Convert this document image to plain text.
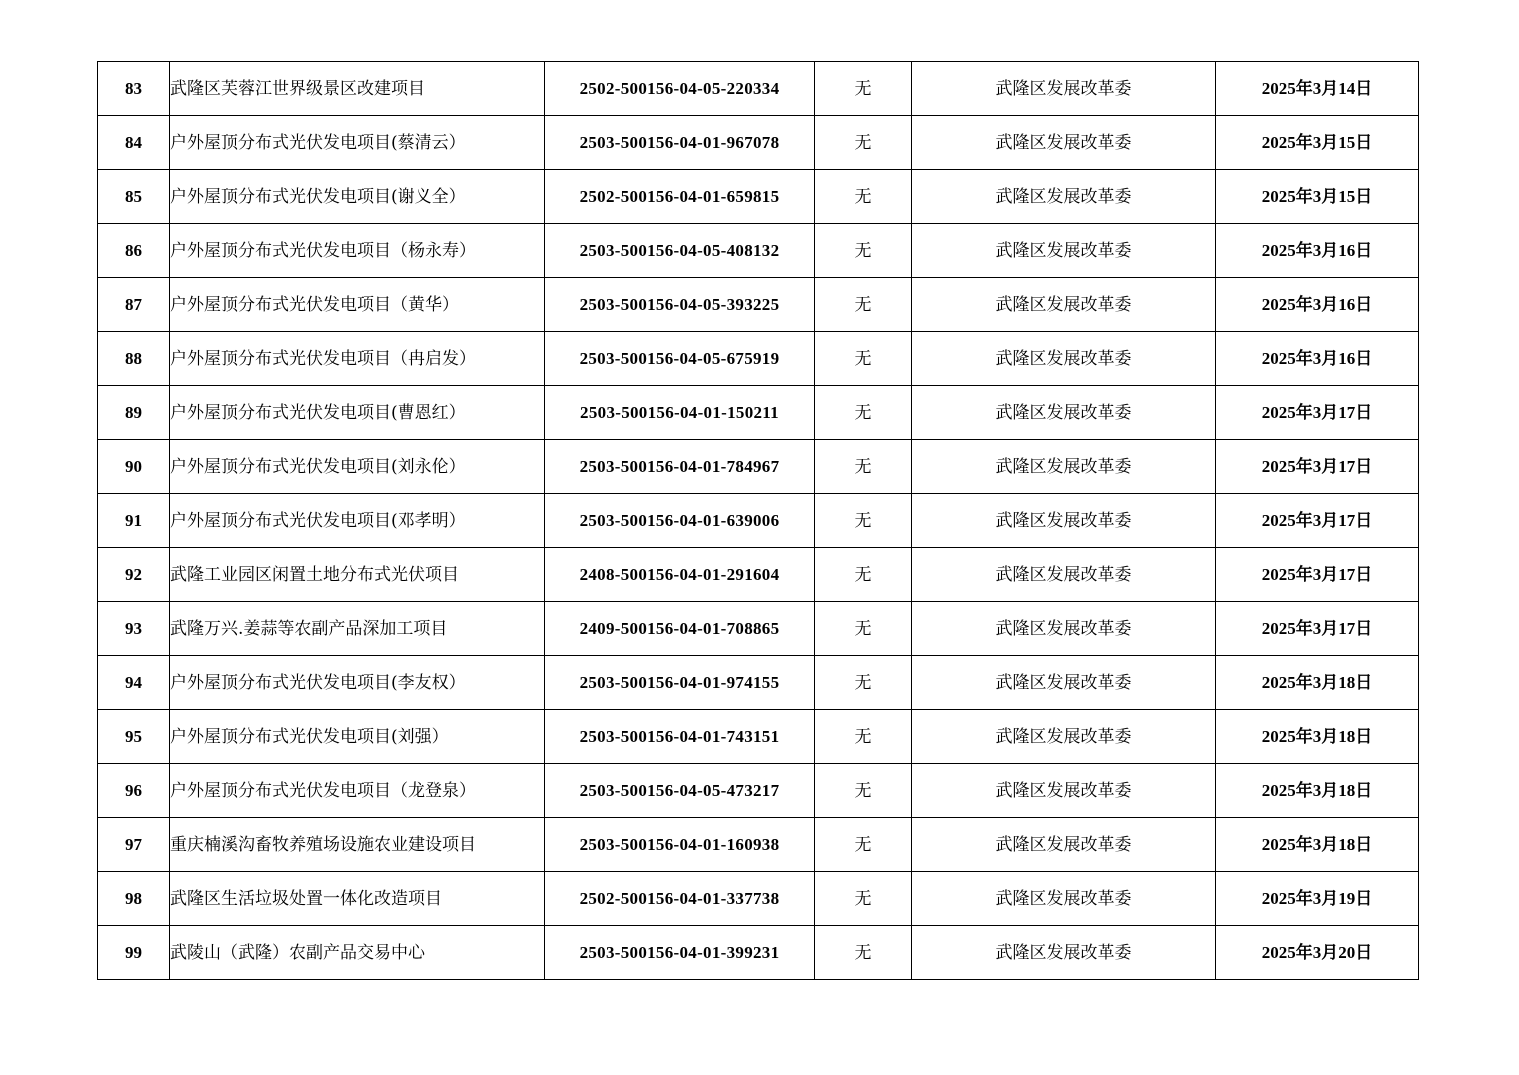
83	武隆区芙蓉江世界级景区改建项目	2502-500156-04-05-220334	无	武隆区发展改革委	2025年3月14日
84	户外屋顶分布式光伏发电项目(蔡清云）	2503-500156-04-01-967078	无	武隆区发展改革委	2025年3月15日
85	户外屋顶分布式光伏发电项目(谢义全）	2502-500156-04-01-659815	无	武隆区发展改革委	2025年3月15日
86	户外屋顶分布式光伏发电项目（杨永寿）	2503-500156-04-05-408132	无	武隆区发展改革委	2025年3月16日
87	户外屋顶分布式光伏发电项目（黄华）	2503-500156-04-05-393225	无	武隆区发展改革委	2025年3月16日
88	户外屋顶分布式光伏发电项目（冉启发）	2503-500156-04-05-675919	无	武隆区发展改革委	2025年3月16日
89	户外屋顶分布式光伏发电项目(曹恩红）	2503-500156-04-01-150211	无	武隆区发展改革委	2025年3月17日
90	户外屋顶分布式光伏发电项目(刘永伦）	2503-500156-04-01-784967	无	武隆区发展改革委	2025年3月17日
91	户外屋顶分布式光伏发电项目(邓孝明）	2503-500156-04-01-639006	无	武隆区发展改革委	2025年3月17日
92	武隆工业园区闲置土地分布式光伏项目	2408-500156-04-01-291604	无	武隆区发展改革委	2025年3月17日
93	武隆万兴.姜蒜等农副产品深加工项目	2409-500156-04-01-708865	无	武隆区发展改革委	2025年3月17日
94	户外屋顶分布式光伏发电项目(李友权）	2503-500156-04-01-974155	无	武隆区发展改革委	2025年3月18日
95	户外屋顶分布式光伏发电项目(刘强）	2503-500156-04-01-743151	无	武隆区发展改革委	2025年3月18日
96	户外屋顶分布式光伏发电项目（龙登泉）	2503-500156-04-05-473217	无	武隆区发展改革委	2025年3月18日
97	重庆楠溪沟畜牧养殖场设施农业建设项目	2503-500156-04-01-160938	无	武隆区发展改革委	2025年3月18日
98	武隆区生活垃圾处置一体化改造项目	2502-500156-04-01-337738	无	武隆区发展改革委	2025年3月19日
99	武陵山（武隆）农副产品交易中心	2503-500156-04-01-399231	无	武隆区发展改革委	2025年3月20日
